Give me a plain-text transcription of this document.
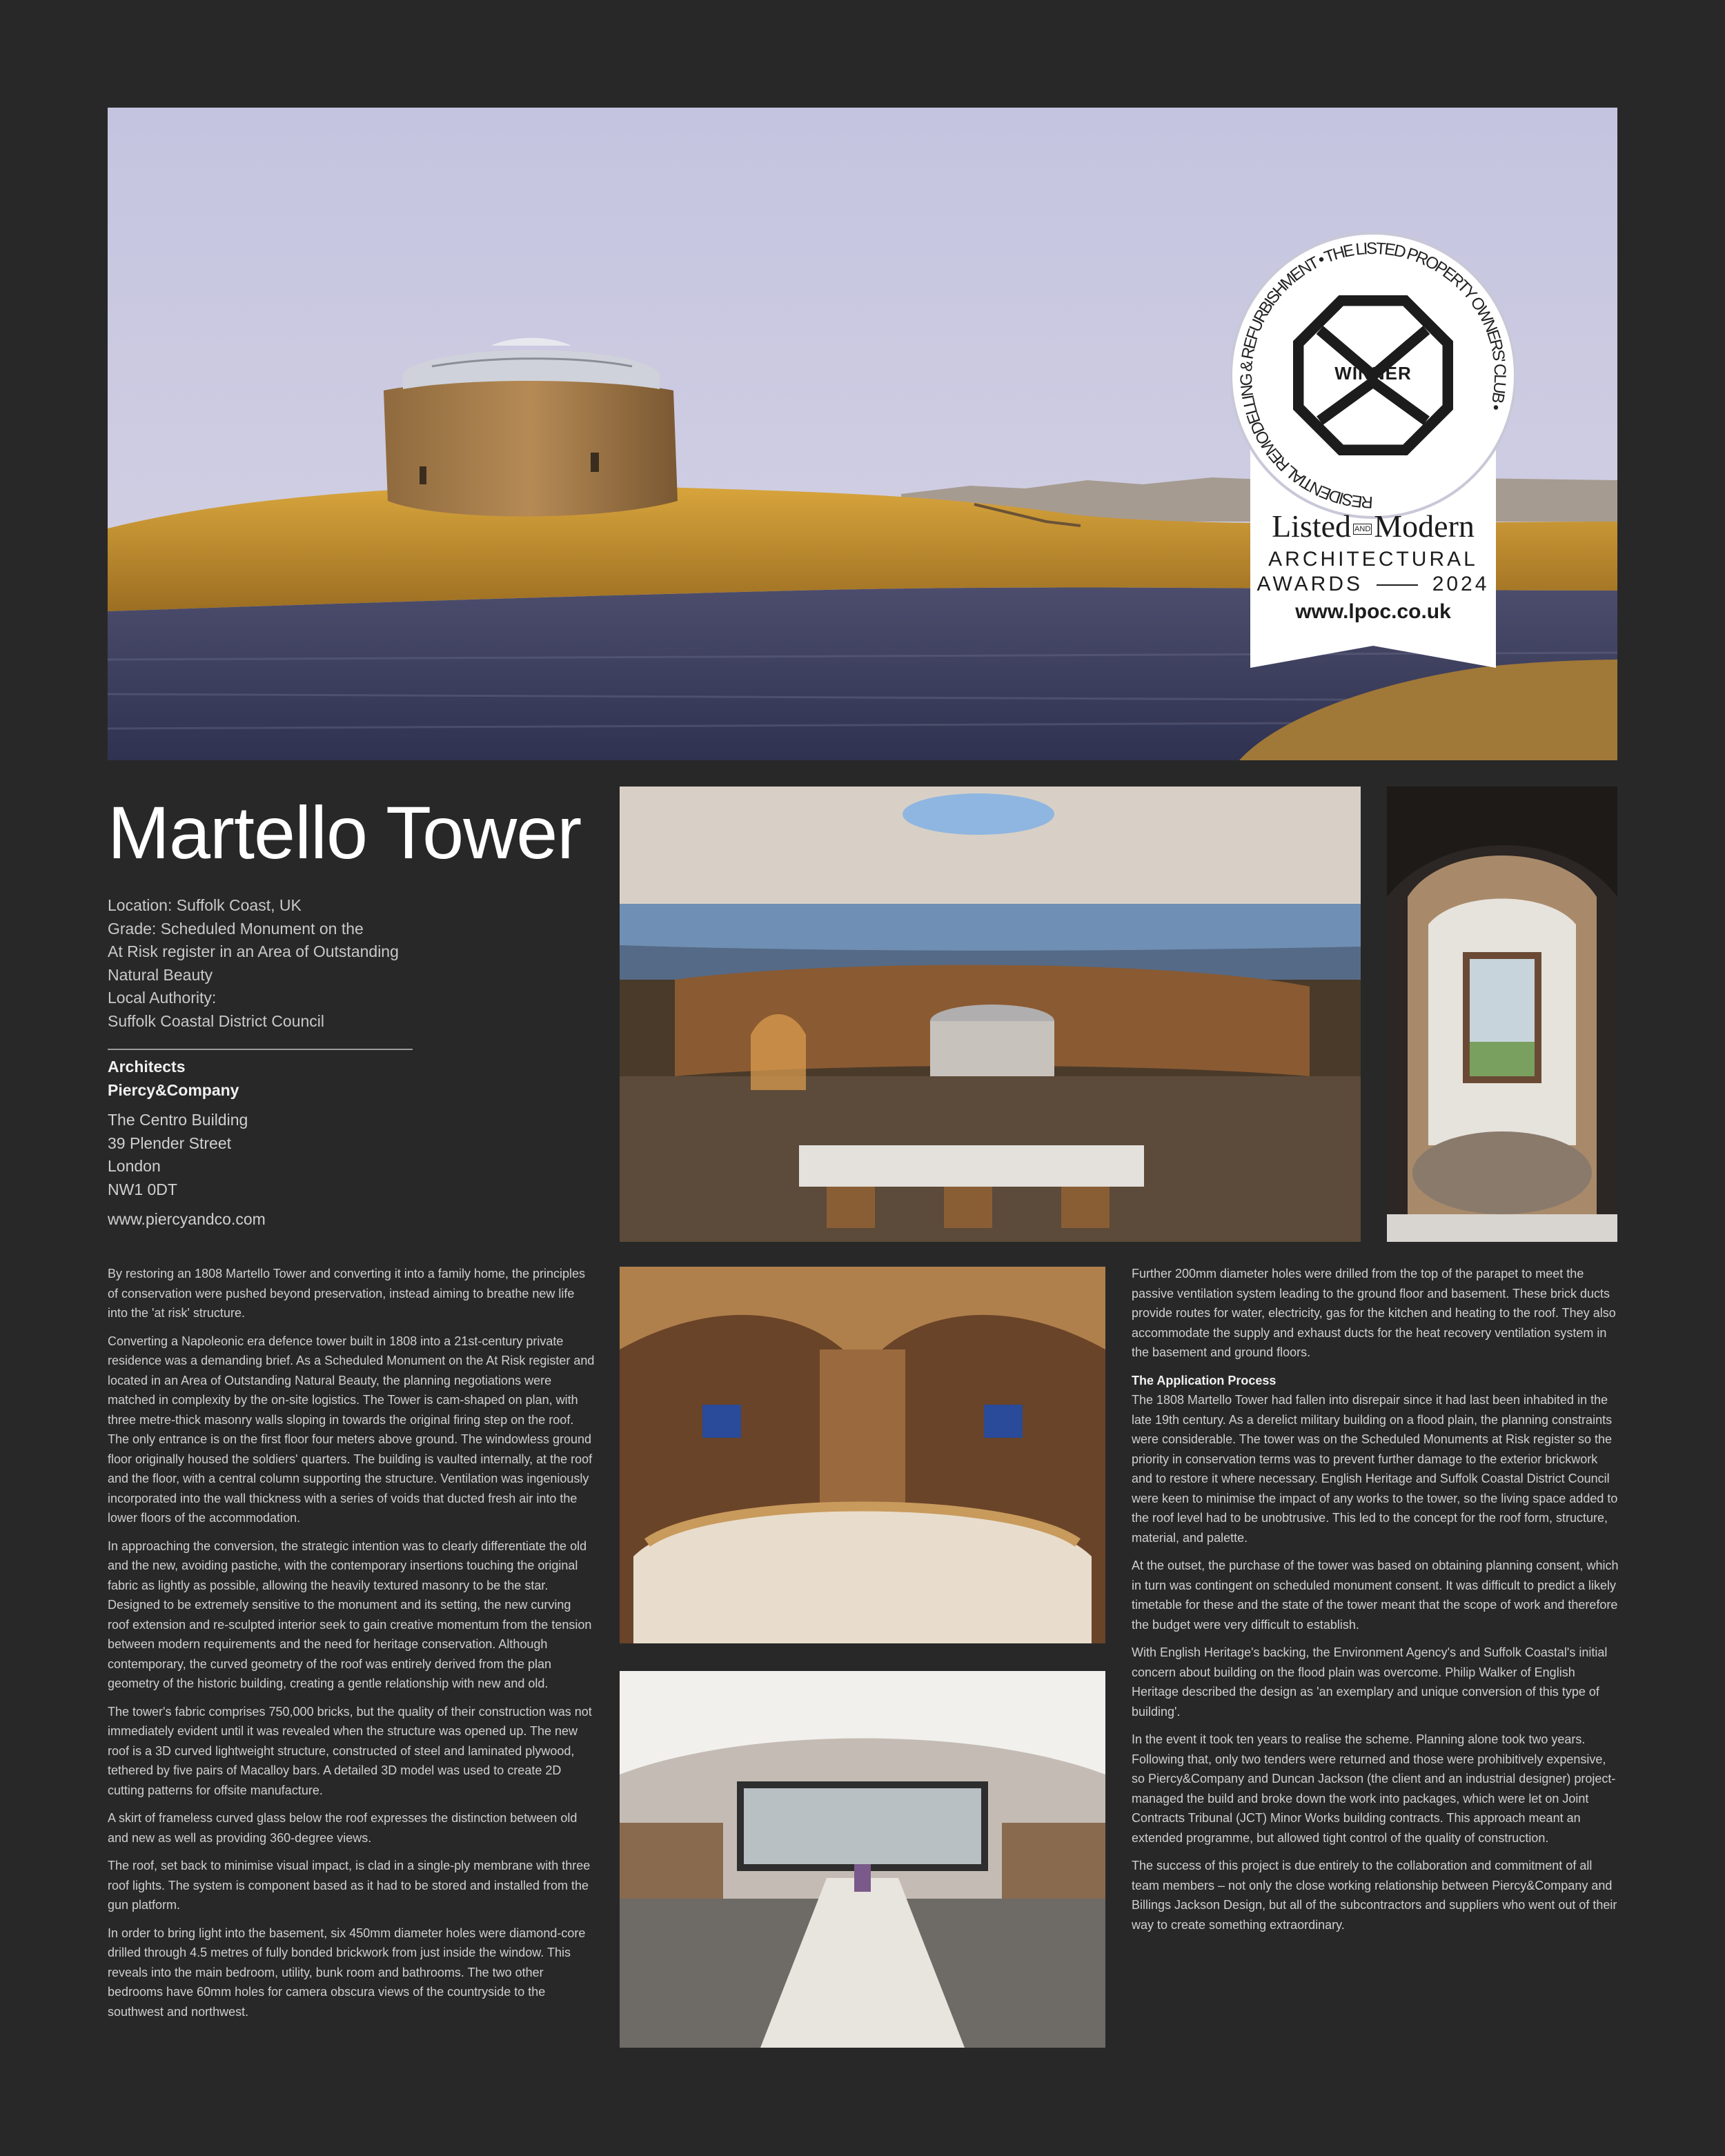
RESIDENTIAL REMODELLING & REFURBISHMENT • THE LISTED PROPERTY OWNERS' CLUB •
WINNER
Listed AND Modern
ARCHITECTURAL
AWARDS	2024
www.lpoc.co.uk
Martello Tower
Location: Suffolk Coast, UK
Grade: Scheduled Monument on the
At Risk register in an Area of Outstanding
Natural Beauty
Local Authority:
Suffolk Coastal District Council
Architects
Piercy&Company
The Centro Building
39 Plender Street
London
NW1 0DT
www.piercyandco.com

By restoring an 1808 Martello Tower and converting it into a family home, the principles of conservation were pushed beyond preservation, instead aiming to breathe new life into the 'at risk' structure.

Converting a Napoleonic era defence tower built in 1808 into a 21st-century private residence was a demanding brief. As a Scheduled Monument on the At Risk register and located in an Area of Outstanding Natural Beauty, the planning negotiations were matched in complexity by the on-site logistics. The Tower is cam-shaped on plan, with three metre-thick masonry walls sloping in towards the original firing step on the roof. The only entrance is on the first floor four meters above ground. The windowless ground floor originally housed the soldiers' quarters. The building is vaulted internally, at the roof and the floor, with a central column supporting the structure. Ventilation was ingeniously incorporated into the wall thickness with a series of voids that ducted fresh air into the lower floors of the accommodation.

In approaching the conversion, the strategic intention was to clearly differentiate the old and the new, avoiding pastiche, with the contemporary insertions touching the original fabric as lightly as possible, allowing the heavily textured masonry to be the star. Designed to be extremely sensitive to the monument and its setting, the new curving roof extension and re-sculpted interior seek to gain creative momentum from the tension between modern requirements and the need for heritage conservation. Although contemporary, the curved geometry of the roof was entirely derived from the plan geometry of the historic building, creating a gentle relationship with new and old.

The tower's fabric comprises 750,000 bricks, but the quality of their construction was not immediately evident until it was revealed when the structure was opened up. The new roof is a 3D curved lightweight structure, constructed of steel and laminated plywood, tethered by five pairs of Macalloy bars. A detailed 3D model was used to create 2D cutting patterns for offsite manufacture.

A skirt of frameless curved glass below the roof expresses the distinction between old and new as well as providing 360-degree views.

The roof, set back to minimise visual impact, is clad in a single-ply membrane with three roof lights. The system is component based as it had to be stored and installed from the gun platform.

In order to bring light into the basement, six 450mm diameter holes were diamond-core drilled through 4.5 metres of fully bonded brickwork from just inside the window. This reveals into the main bedroom, utility, bunk room and bathrooms. The two other bedrooms have 60mm holes for camera obscura views of the countryside to the southwest and northwest.

Further 200mm diameter holes were drilled from the top of the parapet to meet the passive ventilation system leading to the ground floor and basement. These brick ducts provide routes for water, electricity, gas for the kitchen and heating to the roof. They also accommodate the supply and exhaust ducts for the heat recovery ventilation system in the basement and ground floors.

The Application Process

The 1808 Martello Tower had fallen into disrepair since it had last been inhabited in the late 19th century. As a derelict military building on a flood plain, the planning constraints were considerable. The tower was on the Scheduled Monuments at Risk register so the priority in conservation terms was to prevent further damage to the exterior brickwork and to restore it where necessary. English Heritage and Suffolk Coastal District Council were keen to minimise the impact of any works to the tower, so the living space added to the roof level had to be unobtrusive. This led to the concept for the roof form, structure, material, and palette.

At the outset, the purchase of the tower was based on obtaining planning consent, which in turn was contingent on scheduled monument consent. It was difficult to predict a likely timetable for these and the state of the tower meant that the scope of work and therefore the budget were very difficult to establish.

With English Heritage's backing, the Environment Agency's and Suffolk Coastal's initial concern about building on the flood plain was overcome. Philip Walker of English Heritage described the design as 'an exemplary and unique conversion of this type of building'.

In the event it took ten years to realise the scheme. Planning alone took two years. Following that, only two tenders were returned and those were prohibitively expensive, so Piercy&Company and Duncan Jackson (the client and an industrial designer) project-managed the build and broke down the work into packages, which were let on Joint Contracts Tribunal (JCT) Minor Works building contracts. This approach meant an extended programme, but allowed tight control of the quality of construction.

The success of this project is due entirely to the collaboration and commitment of all team members – not only the close working relationship between Piercy&Company and Billings Jackson Design, but all of the subcontractors and suppliers who went out of their way to create something extraordinary.
